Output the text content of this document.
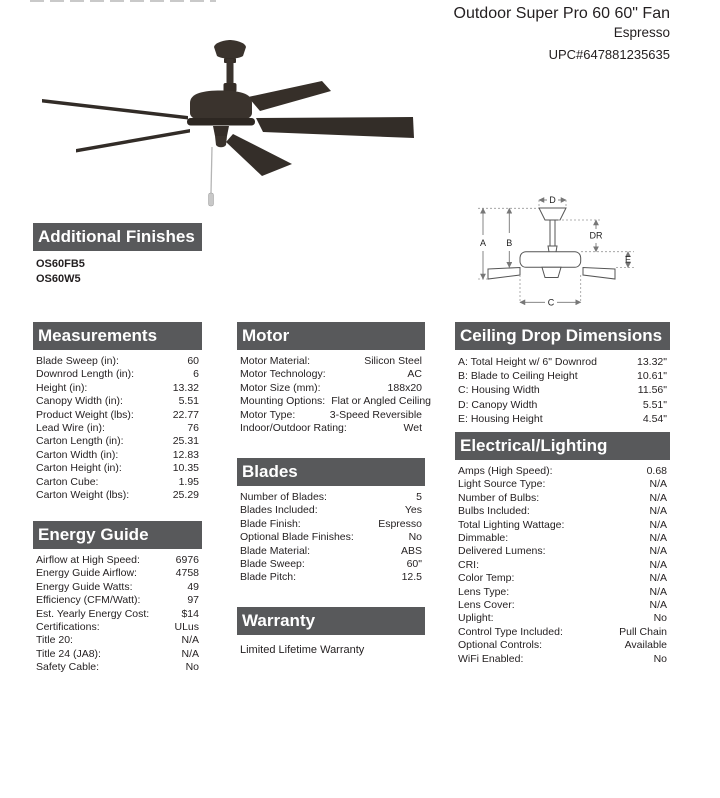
Outdoor Super Pro 60 60" Fan
Espresso
UPC#647881235635
A B
C
D
E
DR
Additional Finishes
OS60FB5
OS60W5
Measurements
Blade Sweep (in):	60
Downrod Length (in):	6
Height (in):	13.32
Canopy Width (in):	5.51
Product Weight (lbs):	22.77
Lead Wire (in):	76
Carton Length (in):	25.31
Carton Width (in):	12.83
Carton Height (in):	10.35
Carton Cube:	1.95
Carton Weight (lbs):	25.29
Energy Guide
Airflow at High Speed:	6976
Energy Guide Airflow:	4758
Energy Guide Watts:	49
Efficiency (CFM/Watt):	97
Est. Yearly Energy Cost:	$14
Certifications:	ULus
Title 20:	N/A
Title 24 (JA8):	N/A
Safety Cable:	No
Motor
Motor Material:	Silicon Steel
Motor Technology:	AC
Motor Size (mm):	188x20
Mounting Options: Flat or Angled Ceiling
Motor Type:	3-Speed Reversible
Indoor/Outdoor Rating:	Wet
Blades
Number of Blades:	5
Blades Included:	Yes
Blade Finish:	Espresso
Optional Blade Finishes:	No
Blade Material:	ABS
Blade Sweep:	60"
Blade Pitch:	12.5
Warranty
Limited Lifetime Warranty
Ceiling Drop Dimensions
A: Total Height w/ 6" Downrod	13.32"
B: Blade to Ceiling Height	10.61"
C: Housing Width	11.56"
D: Canopy Width	5.51"
E: Housing Height	4.54"
Electrical/Lighting
Amps (High Speed):	0.68
Light Source Type:	N/A
Number of Bulbs:	N/A
Bulbs Included:	N/A
Total Lighting Wattage:	N/A
Dimmable:	N/A
Delivered Lumens:	N/A
CRI:	N/A
Color Temp:	N/A
Lens Type:	N/A
Lens Cover:	N/A
Uplight:	No
Control Type Included:	Pull Chain
Optional Controls:	Available
WiFi Enabled:	No
